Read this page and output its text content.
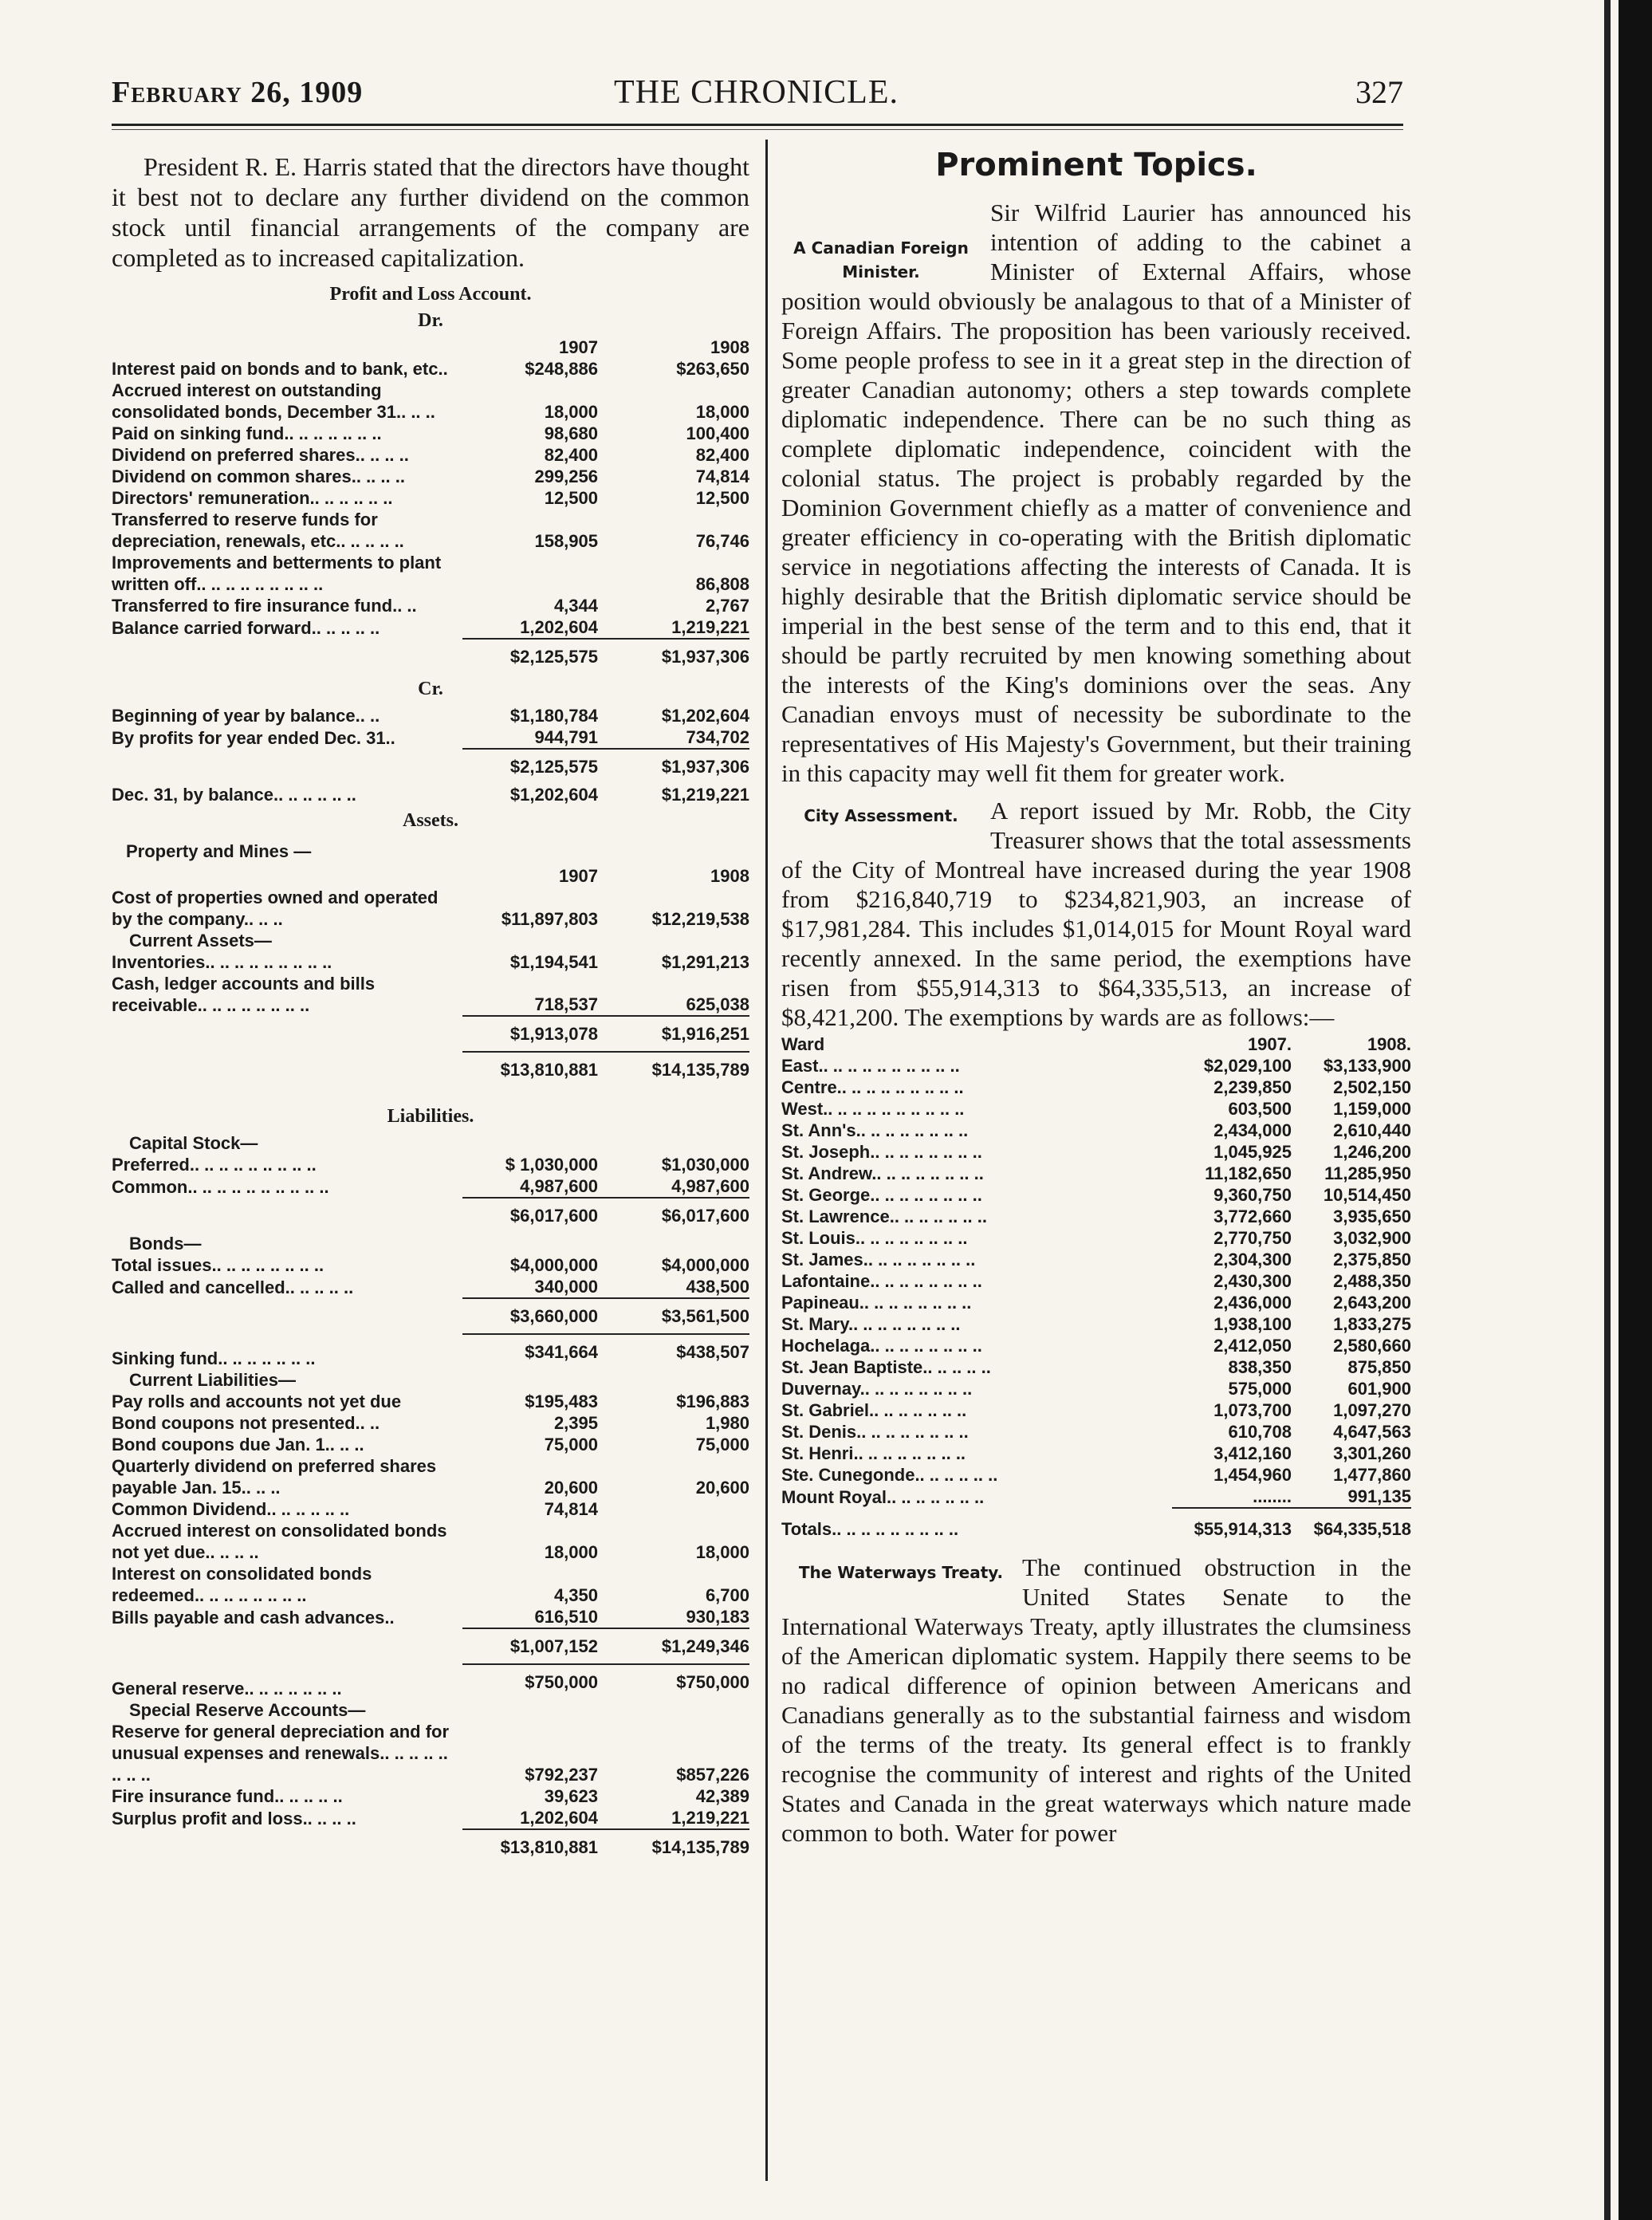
February 26, 1909	THE CHRONICLE.	327

President R. E. Harris stated that the directors have thought it best not to declare any further dividend on the common stock until financial arrangements of the company are completed as to increased capitalization.

Profit and Loss Account.
Dr.
	1907	1908
Interest paid on bonds and to bank, etc..	$248,886	$263,650
Accrued interest on outstanding consolidated bonds, December 31.. .. ..	18,000	18,000
Paid on sinking fund.. .. .. .. .. .. ..	98,680	100,400
Dividend on preferred shares.. .. .. ..	82,400	82,400
Dividend on common shares.. .. .. ..	299,256	74,814
Directors' remuneration.. .. .. .. .. ..	12,500	12,500
Transferred to reserve funds for depreciation, renewals, etc.. .. .. .. ..	158,905	76,746
Improvements and betterments to plant written off.. .. .. .. .. .. .. .. ..		86,808
Transferred to fire insurance fund.. ..	4,344	2,767
Balance carried forward.. .. .. .. ..	1,202,604	1,219,221
	$2,125,575	$1,937,306
Cr.
Beginning of year by balance.. ..	$1,180,784	$1,202,604
By profits for year ended Dec. 31..	944,791	734,702
	$2,125,575	$1,937,306
Dec. 31, by balance.. .. .. .. .. ..	$1,202,604	$1,219,221
Assets.
Property and Mines —
	1907	1908
Cost of properties owned and operated by the company.. .. ..	$11,897,803	$12,219,538
Current Assets—		
Inventories.. .. .. .. .. .. .. .. ..	$1,194,541	$1,291,213
Cash, ledger accounts and bills receivable.. .. .. .. .. .. .. ..	718,537	625,038
	$1,913,078	$1,916,251
	$13,810,881	$14,135,789
Liabilities.
Capital Stock—		
Preferred.. .. .. .. .. .. .. .. ..	$ 1,030,000	$1,030,000
Common.. .. .. .. .. .. .. .. .. ..	4,987,600	4,987,600
	$6,017,600	$6,017,600
Bonds—		
Total issues.. .. .. .. .. .. .. ..	$4,000,000	$4,000,000
Called and cancelled.. .. .. .. ..	340,000	438,500
	$3,660,000	$3,561,500
Sinking fund.. .. .. .. .. .. ..	$341,664	$438,507
Current Liabilities—		
Pay rolls and accounts not yet due	$195,483	$196,883
Bond coupons not presented.. ..	2,395	1,980
Bond coupons due Jan. 1.. .. ..	75,000	75,000
Quarterly dividend on preferred shares payable Jan. 15.. .. ..	20,600	20,600
Common Dividend.. .. .. .. .. ..	74,814	
Accrued interest on consolidated bonds not yet due.. .. .. ..	18,000	18,000
Interest on consolidated bonds redeemed.. .. .. .. .. .. .. ..	4,350	6,700
Bills payable and cash advances..	616,510	930,183
	$1,007,152	$1,249,346
General reserve.. .. .. .. .. .. ..	$750,000	$750,000
Special Reserve Accounts—		
Reserve for general depreciation and for unusual expenses and renewals.. .. .. .. .. .. .. ..	$792,237	$857,226
Fire insurance fund.. .. .. .. ..	39,623	42,389
Surplus profit and loss.. .. .. ..	1,202,604	1,219,221
	$13,810,881	$14,135,789
Prominent Topics.
A Canadian Foreign Minister.

Sir Wilfrid Laurier has announced his intention of adding to the cabinet a Minister of External Affairs, whose position would obviously be analagous to that of a Minister of Foreign Affairs. The proposition has been variously received. Some people profess to see in it a great step in the direction of greater Canadian autonomy; others a step towards complete diplomatic independence. There can be no such thing as complete diplomatic independence, coincident with the colonial status. The project is probably regarded by the Dominion Government chiefly as a matter of convenience and greater efficiency in co-operating with the British diplomatic service in negotiations affecting the interests of Canada. It is highly desirable that the British diplomatic service should be imperial in the best sense of the term and to this end, that it should be partly recruited by men knowing something about the interests of the King's dominions over the seas. Any Canadian envoys must of necessity be subordinate to the representatives of His Majesty's Government, but their training in this capacity may well fit them for greater work.

City Assessment.	A report issued by Mr. Robb, the City Treasurer shows that the total assessments of the City of Montreal have increased during the year 1908 from $216,840,719 to $234,821,903, an increase of $17,981,284. This includes $1,014,015 for Mount Royal ward recently annexed. In the same period, the exemptions have risen from $55,914,313 to $64,335,513, an increase of $8,421,200. The exemptions by wards are as follows:—

Ward	1907.	1908.
East.. .. .. .. .. .. .. .. .. ..	$2,029,100	$3,133,900
Centre.. .. .. .. .. .. .. .. ..	2,239,850	2,502,150
West.. .. .. .. .. .. .. .. .. ..	603,500	1,159,000
St. Ann's.. .. .. .. .. .. .. ..	2,434,000	2,610,440
St. Joseph.. .. .. .. .. .. .. ..	1,045,925	1,246,200
St. Andrew.. .. .. .. .. .. .. ..	11,182,650	11,285,950
St. George.. .. .. .. .. .. .. ..	9,360,750	10,514,450
St. Lawrence.. .. .. .. .. .. ..	3,772,660	3,935,650
St. Louis.. .. .. .. .. .. .. ..	2,770,750	3,032,900
St. James.. .. .. .. .. .. .. ..	2,304,300	2,375,850
Lafontaine.. .. .. .. .. .. .. ..	2,430,300	2,488,350
Papineau.. .. .. .. .. .. .. ..	2,436,000	2,643,200
St. Mary.. .. .. .. .. .. .. ..	1,938,100	1,833,275
Hochelaga.. .. .. .. .. .. .. ..	2,412,050	2,580,660
St. Jean Baptiste.. .. .. .. ..	838,350	875,850
Duvernay.. .. .. .. .. .. .. ..	575,000	601,900
St. Gabriel.. .. .. .. .. .. ..	1,073,700	1,097,270
St. Denis.. .. .. .. .. .. .. ..	610,708	4,647,563
St. Henri.. .. .. .. .. .. .. ..	3,412,160	3,301,260
Ste. Cunegonde.. .. .. .. .. ..	1,454,960	1,477,860
Mount Royal.. .. .. .. .. .. ..	........	991,135
Totals.. .. .. .. .. .. .. .. ..	$55,914,313	$64,335,518
The Waterways Treaty. The continued obstruction in the United States Senate to the International Waterways Treaty, aptly illustrates the clumsiness of the American diplomatic system. Happily there seems to be no radical difference of opinion between Americans and Canadians generally as to the substantial fairness and wisdom of the terms of the treaty. Its general effect is to frankly recognise the community of interest and rights of the United States and Canada in the great waterways which nature made common to both. Water for power
